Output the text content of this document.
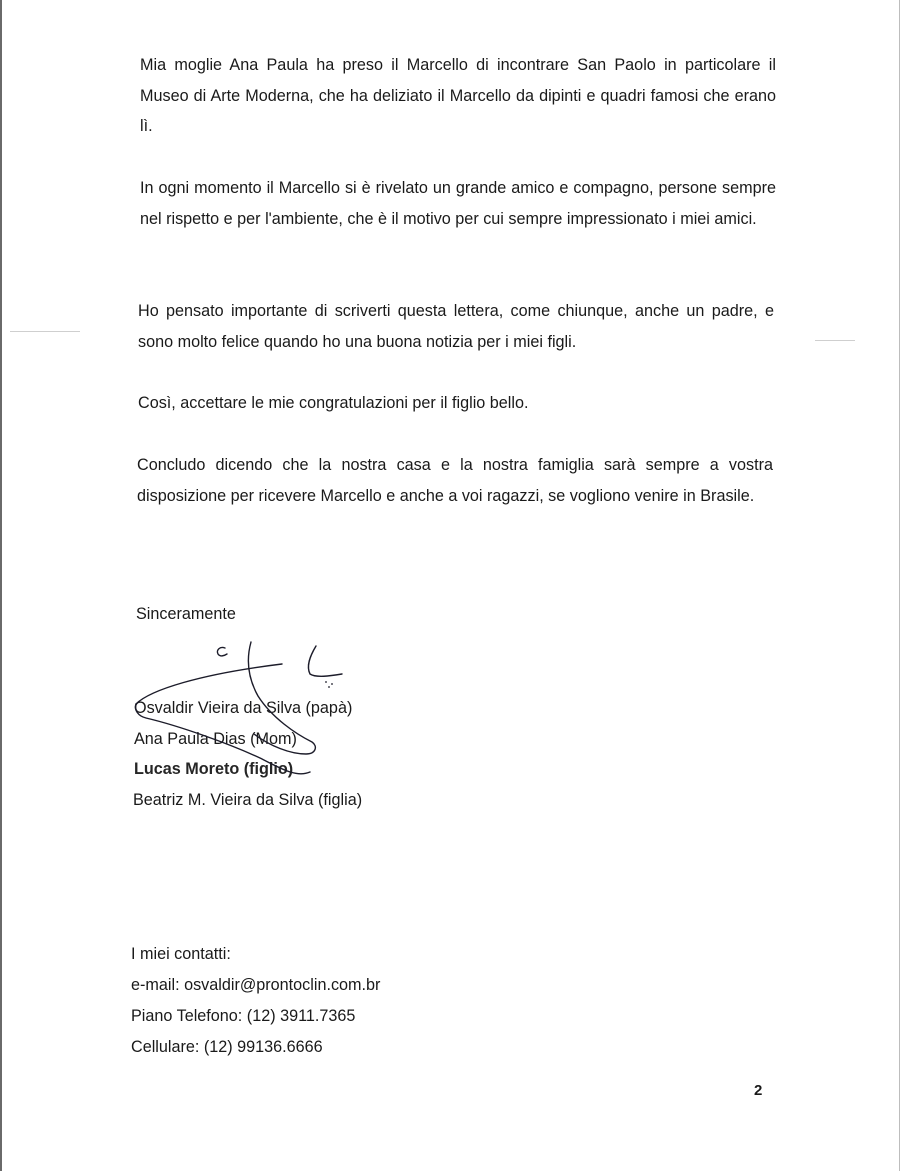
Mia moglie Ana Paula ha preso il Marcello di incontrare San Paolo in particolare il Museo di Arte Moderna, che ha deliziato il Marcello da dipinti e quadri famosi che erano lì.

In ogni momento il Marcello si è rivelato un grande amico e compagno, persone sempre nel rispetto e per l'ambiente, che è il motivo per cui sempre impressionato i miei amici.

Ho pensato importante di scriverti questa lettera, come chiunque, anche un padre, e sono molto felice quando ho una buona notizia per i miei figli.

Così, accettare le mie congratulazioni per il figlio bello.

Concludo dicendo che la nostra casa e la nostra famiglia sarà sempre a vostra disposizione per ricevere Marcello e anche a voi ragazzi, se vogliono venire in Brasile.

Sinceramente

Osvaldir Vieira da Silva (papà)

Ana Paula Dias (Mom)

Lucas Moreto (figlio)

Beatriz M. Vieira da Silva (figlia)

I miei contatti:

e-mail: osvaldir@prontoclin.com.br

Piano Telefono: (12) 3911.7365

Cellulare: (12) 99136.6666

2
